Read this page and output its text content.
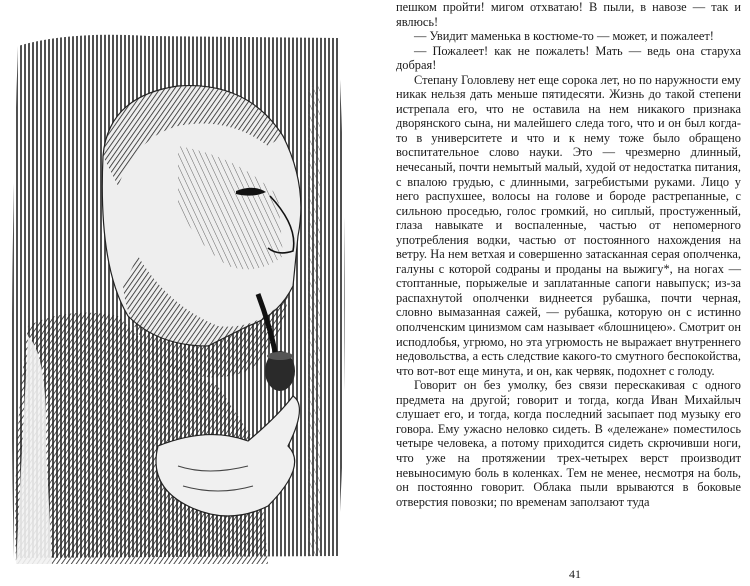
пешком пройти! мигом отхватаю! В пыли, в навозе — так и явлюсь!

— Увидит маменька в костюме-то — может, и пожалеет!

— Пожалеет! как не пожалеть! Мать — ведь она старуха добрая!

Степану Головлеву нет еще сорока лет, но по наружности ему никак нельзя дать меньше пятидесяти. Жизнь до такой степени истрепала его, что не оставила на нем никакого признака дворянского сына, ни малейшего следа того, что и он был когда-то в университете и что и к нему тоже было обращено воспитательное слово науки. Это — чрезмерно длинный, нечесаный, почти немытый малый, худой от недостатка питания, с впалою грудью, с длинными, загребистыми руками. Лицо у него распухшее, волосы на голове и бороде растрепанные, с сильною проседью, голос громкий, но сиплый, простуженный, глаза навыкате и воспаленные, частью от непомерного употребления водки, частью от постоянного нахождения на ветру. На нем ветхая и совершенно затасканная серая ополченка, галуны с которой содраны и проданы на выжигу*, на ногах — стоптанные, порыжелые и заплатанные сапоги навыпуск; из-за распахнутой ополченки виднеется рубашка, почти черная, словно вымазанная сажей, — рубашка, которую он с истинно ополченским цинизмом сам называет «блошницею». Смотрит он исподлобья, угрюмо, но эта угрюмость не выражает внутреннего недовольства, а есть следствие какого-то смутного беспокойства, что вот-вот еще минута, и он, как червяк, подохнет с голоду.

Говорит он без умолку, без связи перескакивая с одного предмета на другой; говорит и тогда, когда Иван Михайлыч слушает его, и тогда, когда последний засыпает под музыку его говора. Ему ужасно неловко сидеть. В «дележане» поместилось четыре человека, а потому приходится сидеть скрючивши ноги, что уже на протяжении трех-четырех верст производит невыносимую боль в коленках. Тем не менее, несмотря на боль, он постоянно говорит. Облака пыли врываются в боковые отверстия повозки; по временам заползают туда

41
